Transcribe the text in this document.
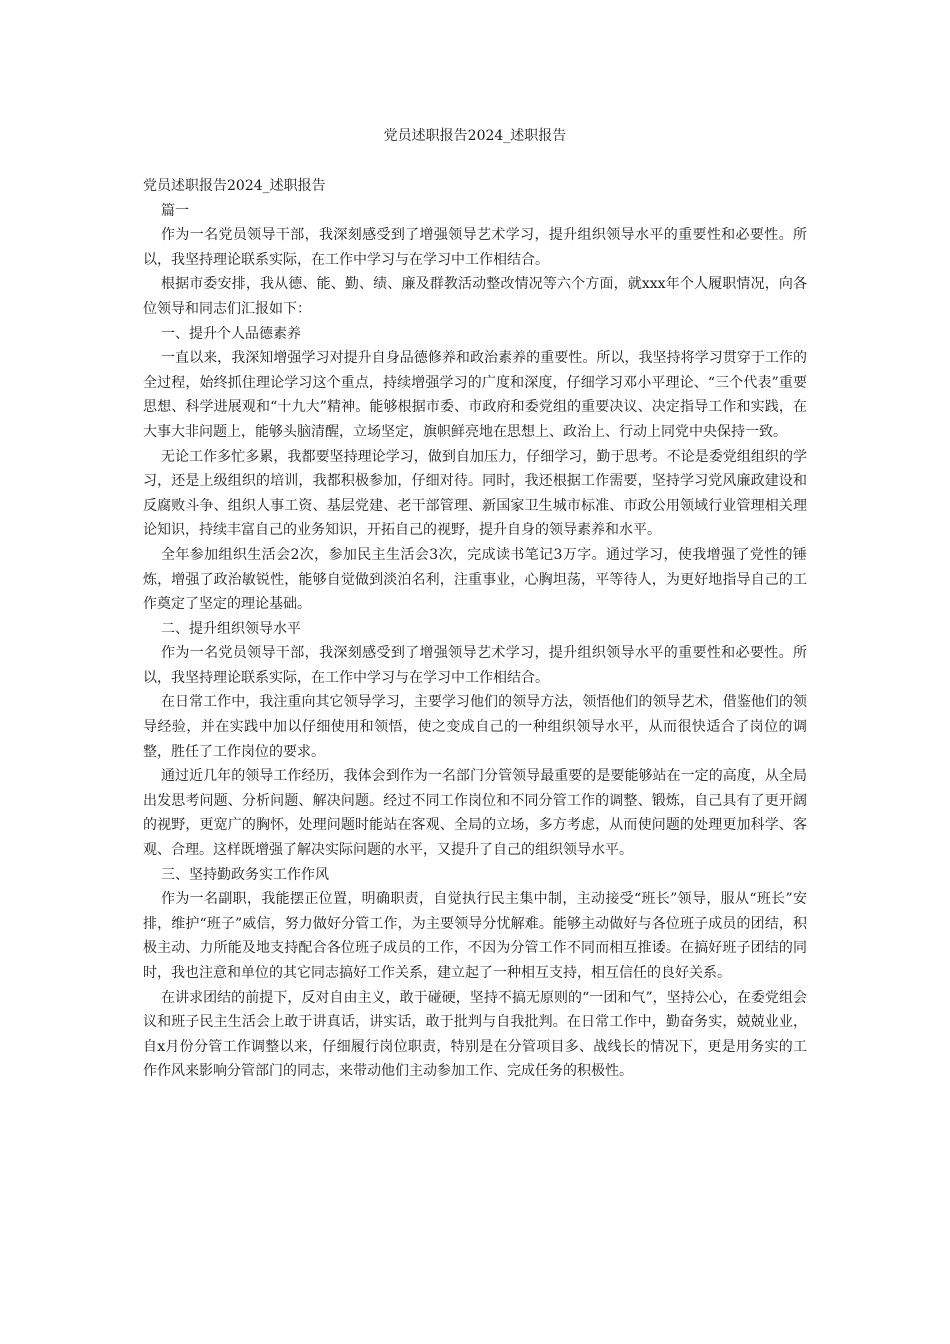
党员述职报告2024_述职报告

党员述职报告2024_述职报告

篇一

作为一名党员领导干部，我深刻感受到了增强领导艺术学习，提升组织领导水平的重要性和必要性。所以，我坚持理论联系实际，在工作中学习与在学习中工作相结合。

根据市委安排，我从德、能、勤、绩、廉及群教活动整改情况等六个方面，就xxx年个人履职情况，向各位领导和同志们汇报如下：

一、提升个人品德素养

一直以来，我深知增强学习对提升自身品德修养和政治素养的重要性。所以，我坚持将学习贯穿于工作的全过程，始终抓住理论学习这个重点，持续增强学习的广度和深度，仔细学习邓小平理论、“三个代表”重要思想、科学进展观和“十九大”精神。能够根据市委、市政府和委党组的重要决议、决定指导工作和实践，在大事大非问题上，能够头脑清醒，立场坚定，旗帜鲜亮地在思想上、政治上、行动上同党中央保持一致。

无论工作多忙多累，我都要坚持理论学习，做到自加压力，仔细学习，勤于思考。不论是委党组组织的学习，还是上级组织的培训，我都积极参加，仔细对待。同时，我还根据工作需要，坚持学习党风廉政建设和反腐败斗争、组织人事工资、基层党建、老干部管理、新国家卫生城市标准、市政公用领域行业管理相关理论知识，持续丰富自己的业务知识，开拓自己的视野，提升自身的领导素养和水平。

全年参加组织生活会2次，参加民主生活会3次，完成读书笔记3万字。通过学习，使我增强了党性的锤炼，增强了政治敏锐性，能够自觉做到淡泊名利，注重事业，心胸坦荡，平等待人，为更好地指导自己的工作奠定了坚定的理论基础。

二、提升组织领导水平

作为一名党员领导干部，我深刻感受到了增强领导艺术学习，提升组织领导水平的重要性和必要性。所以，我坚持理论联系实际，在工作中学习与在学习中工作相结合。

在日常工作中，我注重向其它领导学习，主要学习他们的领导方法，领悟他们的领导艺术，借鉴他们的领导经验，并在实践中加以仔细使用和领悟，使之变成自己的一种组织领导水平，从而很快适合了岗位的调整，胜任了工作岗位的要求。

通过近几年的领导工作经历，我体会到作为一名部门分管领导最重要的是要能够站在一定的高度，从全局出发思考问题、分析问题、解决问题。经过不同工作岗位和不同分管工作的调整、锻炼，自己具有了更开阔的视野，更宽广的胸怀，处理问题时能站在客观、全局的立场，多方考虑，从而使问题的处理更加科学、客观、合理。这样既增强了解决实际问题的水平，又提升了自己的组织领导水平。

三、坚持勤政务实工作作风

作为一名副职，我能摆正位置，明确职责，自觉执行民主集中制，主动接受“班长”领导，服从“班长”安排，维护“班子”威信，努力做好分管工作，为主要领导分忧解难。能够主动做好与各位班子成员的团结，积极主动、力所能及地支持配合各位班子成员的工作，不因为分管工作不同而相互推诿。在搞好班子团结的同时，我也注意和单位的其它同志搞好工作关系，建立起了一种相互支持，相互信任的良好关系。

在讲求团结的前提下，反对自由主义，敢于碰硬，坚持不搞无原则的“一团和气”，坚持公心，在委党组会议和班子民主生活会上敢于讲真话，讲实话，敢于批判与自我批判。在日常工作中，勤奋务实，兢兢业业，自x月份分管工作调整以来，仔细履行岗位职责，特别是在分管项目多、战线长的情况下，更是用务实的工作作风来影响分管部门的同志，来带动他们主动参加工作、完成任务的积极性。
